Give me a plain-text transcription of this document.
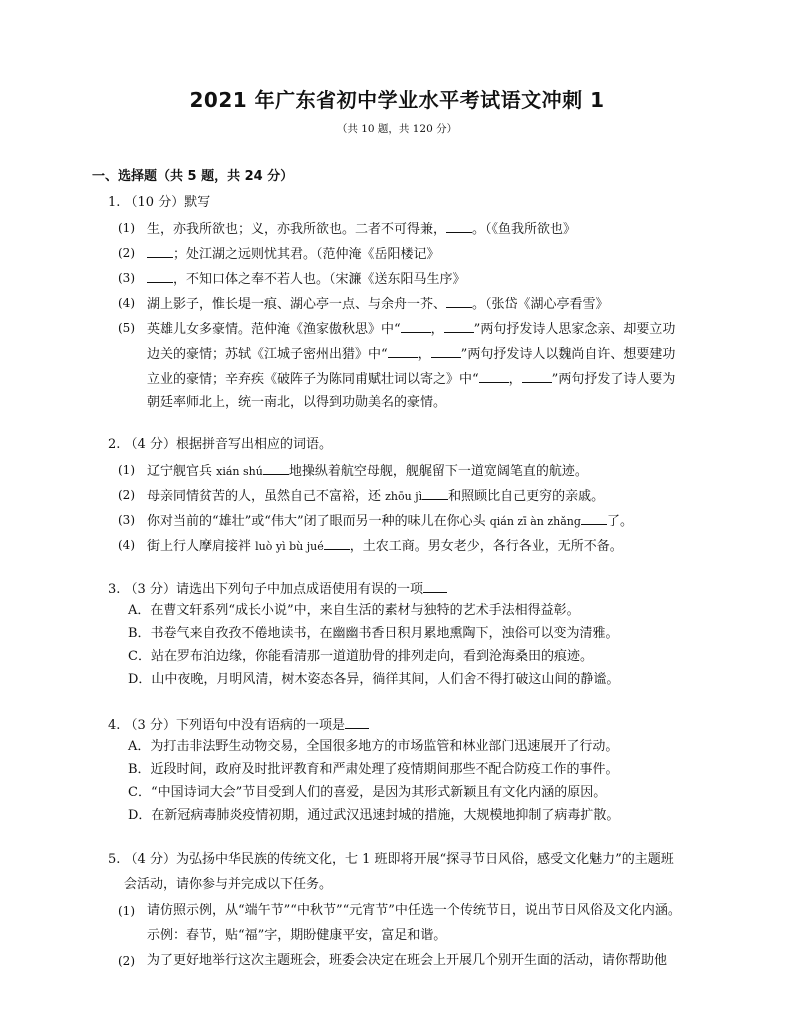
2021 年广东省初中学业水平考试语文冲刺 1
（共 10 题，共 120 分）
一、选择题（共 5 题，共 24 分）
1. （10 分）默写
(1) 生，亦我所欲也；义，亦我所欲也。二者不可得兼， 。（《鱼我所欲也》
(2)	；处江湖之远则忧其君。（范仲淹《岳阳楼记》
(3)	，不知口体之奉不若人也。（宋濂《送东阳马生序》
(4) 湖上影子，惟长堤一痕、湖心亭一点、与余舟一芥、 。（张岱《湖心亭看雪》
(5) 英雄儿女多豪情。范仲淹《渔家傲秋思》中“ ， ”两句抒发诗人思家念亲、却要立功
边关的豪情；苏轼《江城子密州出猎》中“ ， ”两句抒发诗人以魏尚自许、想要建功
立业的豪情；辛弃疾《破阵子为陈同甫赋壮词以寄之》中“ ， ”两句抒发了诗人要为
朝廷率师北上，统一南北，以得到功勋美名的豪情。
2. （4 分）根据拼音写出相应的词语。
(1) 辽宁舰官兵 xián shú 地操纵着航空母舰，舰艉留下一道宽阔笔直的航迹。
(2) 母亲同情贫苦的人，虽然自己不富裕，还 zhōu jì 和照顾比自己更穷的亲戚。
(3) 你对当前的“雄壮”或“伟大”闭了眼而另一种的味儿在你心头 qián zī àn zhǎng 了。
(4) 街上行人摩肩接袢 luò yì bù jué ，土农工商。男女老少，各行各业，无所不备。
3. （3 分）请选出下列句子中加点成语使用有误的一项
A．在曹文轩系列“成长小说”中，来自生活的素材与独特的艺术手法相得益彰。
B．书卷气来自孜孜不倦地读书，在幽幽书香日积月累地熏陶下，浊俗可以变为清雅。
C．站在罗布泊边缘，你能看清那一道道肋骨的排列走向，看到沧海桑田的痕迹。
D．山中夜晚，月明风清，树木姿态各异，徜徉其间，人们舍不得打破这山间的静谧。
4. （3 分）下列语句中没有语病的一项是
A．为打击非法野生动物交易，全国很多地方的市场监管和林业部门迅速展开了行动。
B．近段时间，政府及时批评教育和严肃处理了疫情期间那些不配合防疫工作的事件。
C．“中国诗词大会”节目受到人们的喜爱，是因为其形式新颖且有文化内涵的原因。
D．在新冠病毒肺炎疫情初期，通过武汉迅速封城的措施，大规模地抑制了病毒扩散。
5. （4 分）为弘扬中华民族的传统文化，七 1 班即将开展“探寻节日风俗，感受文化魅力”的主题班
会活动，请你参与并完成以下任务。
(1) 请仿照示例，从“端午节”“中秋节”“元宵节”中任选一个传统节日，说出节日风俗及文化内涵。
示例：春节，贴“福”字，期盼健康平安，富足和谐。
(2) 为了更好地举行这次主题班会，班委会决定在班会上开展几个别开生面的活动，请你帮助他
